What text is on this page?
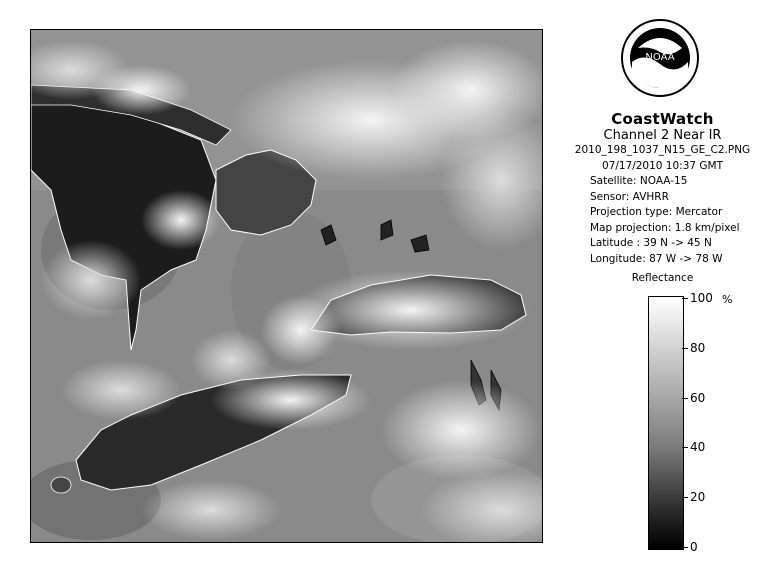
NOAA
CoastWatch
Channel 2 Near IR
2010_198_1037_N15_GE_C2.PNG
07/17/2010 10:37 GMT
Satellite: NOAA-15
Sensor: AVHRR
Projection type: Mercator
Map projection: 1.8 km/pixel
Latitude : 39 N -> 45 N
Longitude: 87 W -> 78 W
Reflectance
%
100
80
60
40
20
0
